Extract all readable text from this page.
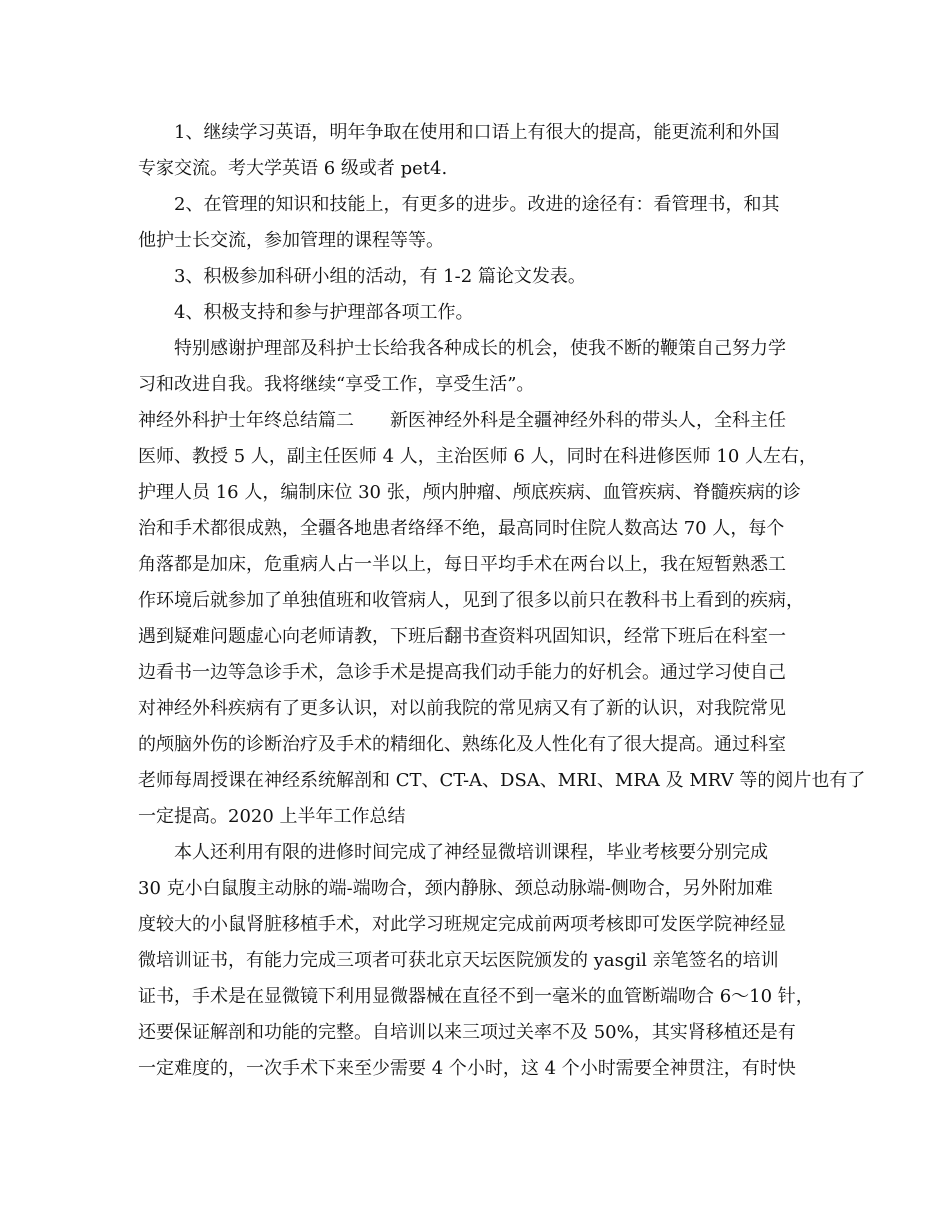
1、继续学习英语，明年争取在使用和口语上有很大的提高，能更流利和外国
专家交流。考大学英语 6 级或者 pet4.
2、在管理的知识和技能上，有更多的进步。改进的途径有：看管理书，和其
他护士长交流，参加管理的课程等等。
3、积极参加科研小组的活动，有 1-2 篇论文发表。
4、积极支持和参与护理部各项工作。
特别感谢护理部及科护士长给我各种成长的机会，使我不断的鞭策自己努力学
习和改进自我。我将继续“享受工作，享受生活”。
神经外科护士年终总结篇二　　新医神经外科是全疆神经外科的带头人，全科主任
医师、教授 5 人，副主任医师 4 人，主治医师 6 人，同时在科进修医师 10 人左右，
护理人员 16 人，编制床位 30 张，颅内肿瘤、颅底疾病、血管疾病、脊髓疾病的诊
治和手术都很成熟，全疆各地患者络绎不绝，最高同时住院人数高达 70 人，每个
角落都是加床，危重病人占一半以上，每日平均手术在两台以上，我在短暂熟悉工
作环境后就参加了单独值班和收管病人，见到了很多以前只在教科书上看到的疾病，
遇到疑难问题虚心向老师请教，下班后翻书查资料巩固知识，经常下班后在科室一
边看书一边等急诊手术，急诊手术是提高我们动手能力的好机会。通过学习使自己
对神经外科疾病有了更多认识，对以前我院的常见病又有了新的认识，对我院常见
的颅脑外伤的诊断治疗及手术的精细化、熟练化及人性化有了很大提高。通过科室
老师每周授课在神经系统解剖和 CT、CT-A、DSA、MRI、MRA 及 MRV 等的阅片也有了
一定提高。2020 上半年工作总结
本人还利用有限的进修时间完成了神经显微培训课程，毕业考核要分别完成
30 克小白鼠腹主动脉的端-端吻合，颈内静脉、颈总动脉端-侧吻合，另外附加难
度较大的小鼠肾脏移植手术，对此学习班规定完成前两项考核即可发医学院神经显
微培训证书，有能力完成三项者可获北京天坛医院颁发的 yasgil 亲笔签名的培训
证书，手术是在显微镜下利用显微器械在直径不到一毫米的血管断端吻合 6～10 针，
还要保证解剖和功能的完整。自培训以来三项过关率不及 50%，其实肾移植还是有
一定难度的，一次手术下来至少需要 4 个小时，这 4 个小时需要全神贯注，有时快
